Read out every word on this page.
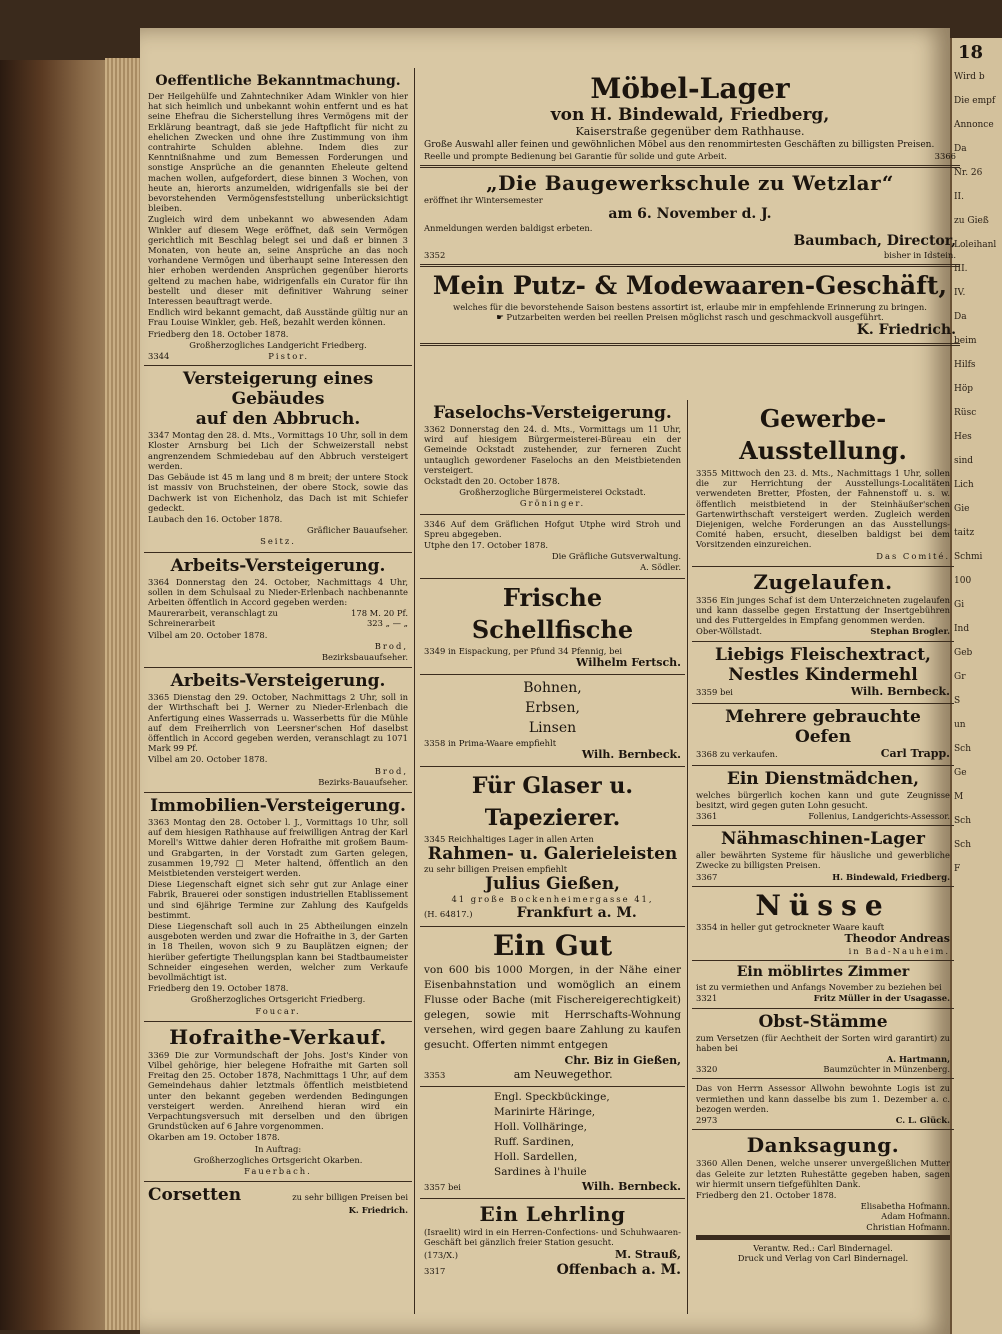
18
Wird b

Die empf

Annonce

Da

Nr. 26

II.

zu Gieß

Loleihanl

III.

IV.

Da

beim

Hilfs

Höp

Rüsc

Hes

sind

Lich

Gie

taitz

Schmi

100

Gi

Ind

Geb

Gr

S

un

Sch

Ge

M

Sch

Sch

F
Oeffentliche Bekanntmachung.
Der Heilgehülfe und Zahntechniker Adam Winkler von hier hat sich heimlich und unbekannt wohin entfernt und es hat seine Ehefrau die Sicherstellung ihres Vermögens mit der Erklärung beantragt, daß sie jede Haftpflicht für nicht zu ehelichen Zwecken und ohne ihre Zustimmung von ihm contrahirte Schulden ablehne. Indem dies zur Kenntnißnahme und zum Bemessen Forderungen und sonstige Ansprüche an die genannten Eheleute geltend machen wollen, aufgefordert, diese binnen 3 Wochen, von heute an, hierorts anzumelden, widrigenfalls sie bei der bevorstehenden Vermögensfeststellung unberücksichtigt bleiben.
Zugleich wird dem unbekannt wo abwesenden Adam Winkler auf diesem Wege eröffnet, daß sein Vermögen gerichtlich mit Beschlag belegt sei und daß er binnen 3 Monaten, von heute an, seine Ansprüche an das noch vorhandene Vermögen und überhaupt seine Interessen den hier erhoben werdenden Ansprüchen gegenüber hierorts geltend zu machen habe, widrigenfalls ein Curator für ihn bestellt und dieser mit definitiver Wahrung seiner Interessen beauftragt werde.
Endlich wird bekannt gemacht, daß Ausstände gültig nur an Frau Louise Winkler, geb. Heß, bezahlt werden können.
Friedberg den 18. October 1878.
Großherzogliches Landgericht Friedberg.
3344	Pistor.
Versteigerung eines Gebäudes
auf den Abbruch.
3347 Montag den 28. d. Mts., Vormittags 10 Uhr, soll in dem Kloster Arnsburg bei Lich der Schweizerstall nebst angrenzendem Schmiedebau auf den Abbruch versteigert werden.
Das Gebäude ist 45 m lang und 8 m breit; der untere Stock ist massiv von Bruchsteinen, der obere Stock, sowie das Dachwerk ist von Eichenholz, das Dach ist mit Schiefer gedeckt.
Laubach den 16. October 1878.
Gräflicher Bauaufseher.
Seitz.
Arbeits-Versteigerung.
3364 Donnerstag den 24. October, Nachmittags 4 Uhr, sollen in dem Schulsaal zu Nieder-Erlenbach nachbenannte Arbeiten öffentlich in Accord gegeben werden:
Maurerarbeit, veranschlagt zu	178 M. 20 Pf.
Schreinerarbeit	323 „ — „
Vilbel am 20. October 1878.
Brod,
Bezirksbauaufseher.
Arbeits-Versteigerung.
3365 Dienstag den 29. October, Nachmittags 2 Uhr, soll in der Wirthschaft bei J. Werner zu Nieder-Erlenbach die Anfertigung eines Wasserrads u. Wasserbetts für die Mühle auf dem Freiherrlich von Leersner'schen Hof daselbst öffentlich in Accord gegeben werden, veranschlagt zu 1071 Mark 99 Pf.
Vilbel am 20. October 1878.
Brod,
Bezirks-Bauaufseher.
Immobilien-Versteigerung.
3363 Montag den 28. October l. J., Vormittags 10 Uhr, soll auf dem hiesigen Rathhause auf freiwilligen Antrag der Karl Morell's Wittwe dahier deren Hofraithe mit großem Baum- und Grabgarten, in der Vorstadt zum Garten gelegen, zusammen 19,792 □ Meter haltend, öffentlich an den Meistbietenden versteigert werden.
Diese Liegenschaft eignet sich sehr gut zur Anlage einer Fabrik, Brauerei oder sonstigen industriellen Etablissement und sind 6jährige Termine zur Zahlung des Kaufgelds bestimmt.
Diese Liegenschaft soll auch in 25 Abtheilungen einzeln ausgeboten werden und zwar die Hofraithe in 3, der Garten in 18 Theilen, wovon sich 9 zu Bauplätzen eignen; der hierüber gefertigte Theilungsplan kann bei Stadtbaumeister Schneider eingesehen werden, welcher zum Verkaufe bevollmächtigt ist.
Friedberg den 19. October 1878.
Großherzogliches Ortsgericht Friedberg.
Foucar.
Hofraithe-Verkauf.
3369 Die zur Vormundschaft der Johs. Jost's Kinder von Vilbel gehörige, hier belegene Hofraithe mit Garten soll Freitag den 25. October 1878, Nachmittags 1 Uhr, auf dem Gemeindehaus dahier letztmals öffentlich meistbietend unter den bekannt gegeben werdenden Bedingungen versteigert werden. Anreihend hieran wird ein Verpachtungsversuch mit derselben und den übrigen Grundstücken auf 6 Jahre vorgenommen.
Okarben am 19. October 1878.
In Auftrag:
Großherzogliches Ortsgericht Okarben.
Fauerbach.
Corsetten	zu sehr billigen Preisen bei
K. Friedrich.
Möbel-Lager
von H. Bindewald, Friedberg,
Kaiserstraße gegenüber dem Rathhause.
Große Auswahl aller feinen und gewöhnlichen Möbel aus den renommirtesten Geschäften zu billigsten Preisen.
Reelle und prompte Bedienung bei Garantie für solide und gute Arbeit.	3366
„Die Baugewerkschule zu Wetzlar“
eröffnet ihr Wintersemester
am 6. November d. J.
Anmeldungen werden baldigst erbeten.
Baumbach, Director,
3352	bisher in Idstein.
Mein Putz- & Modewaaren-Geschäft,
welches für die bevorstehende Saison bestens assortirt ist, erlaube mir in empfehlende Erinnerung zu bringen.
☛ Putzarbeiten werden bei reellen Preisen möglichst rasch und geschmackvoll ausgeführt.
K. Friedrich.
Faselochs-Versteigerung.
3362 Donnerstag den 24. d. Mts., Vormittags um 11 Uhr, wird auf hiesigem Bürgermeisterei-Büreau ein der Gemeinde Ockstadt zustehender, zur ferneren Zucht untauglich gewordener Faselochs an den Meistbietenden versteigert.
Ockstadt den 20. October 1878.
Großherzogliche Bürgermeisterei Ockstadt.
Gröninger.
3346 Auf dem Gräflichen Hofgut Utphe wird Stroh und Spreu abgegeben.
Utphe den 17. October 1878.
Die Gräfliche Gutsverwaltung.
A. Södler.
Frische Schellfische
3349 in Eispackung, per Pfund 34 Pfennig, bei
Wilhelm Fertsch.
Bohnen,
Erbsen,
Linsen
3358 in Prima-Waare empfiehlt
Wilh. Bernbeck.
Für Glaser u. Tapezierer.
3345 Reichhaltiges Lager in allen Arten
Rahmen- u. Galerieleisten
zu sehr billigen Preisen empfiehlt
Julius Gießen,
41 große Bockenheimergasse 41,
(H. 64817.)	Frankfurt a. M.
Ein Gut
von 600 bis 1000 Morgen, in der Nähe einer Eisenbahnstation und womöglich an einem Flusse oder Bache (mit Fischereigerechtigkeit) gelegen, sowie mit Herrschafts-Wohnung versehen, wird gegen baare Zahlung zu kaufen gesucht. Offerten nimmt entgegen
Chr. Biz in Gießen,
3353	am Neuwegethor.
Engl. Speckbückinge,
Marinirte Häringe,
Holl. Vollhäringe,
Ruff. Sardinen,
Holl. Sardellen,
Sardines à l'huile
3357 bei	Wilh. Bernbeck.
Ein Lehrling
(Israelit) wird in ein Herren-Confections- und Schuhwaaren-Geschäft bei gänzlich freier Station gesucht.
(173/X.)	M. Strauß,
3317	Offenbach a. M.
Gewerbe-Ausstellung.
3355 Mittwoch den 23. d. Mts., Nachmittags 1 Uhr, sollen die zur Herrichtung der Ausstellungs-Localitäten verwendeten Bretter, Pfosten, der Fahnenstoff u. s. w. öffentlich meistbietend in der Steinhäußer'schen Gartenwirthschaft versteigert werden. Zugleich werden Diejenigen, welche Forderungen an das Ausstellungs-Comité haben, ersucht, dieselben baldigst bei dem Vorsitzenden einzureichen.
Das Comité.
Zugelaufen.
3356 Ein junges Schaf ist dem Unterzeichneten zugelaufen und kann dasselbe gegen Erstattung der Insertgebühren und des Futtergeldes in Empfang genommen werden.
Ober-Wöllstadt.	Stephan Brogler.
Liebigs Fleischextract,
Nestles Kindermehl
3359 bei	Wilh. Bernbeck.
Mehrere gebrauchte Oefen
3368 zu verkaufen.	Carl Trapp.
Ein Dienstmädchen,
welches bürgerlich kochen kann und gute Zeugnisse besitzt, wird gegen guten Lohn gesucht.
3361	Follenius, Landgerichts-Assessor.
Nähmaschinen-Lager
aller bewährten Systeme für häusliche und gewerbliche Zwecke zu billigsten Preisen.
3367	H. Bindewald, Friedberg.
Nüsse
3354 in heller gut getrockneter Waare kauft
Theodor Andreas
in Bad-Nauheim.
Ein möblirtes Zimmer
ist zu vermiethen und Anfangs November zu beziehen bei
3321	Fritz Müller in der Usagasse.
Obst-Stämme
zum Versetzen (für Aechtheit der Sorten wird garantirt) zu haben bei
A. Hartmann,
3320	Baumzüchter in Münzenberg.
Das von Herrn Assessor Allwohn bewohnte Logis ist zu vermiethen und kann dasselbe bis zum 1. Dezember a. c. bezogen werden.
2973	C. L. Glück.
Danksagung.
3360 Allen Denen, welche unserer unvergeßlichen Mutter das Geleite zur letzten Ruhestätte gegeben haben, sagen wir hiermit unsern tiefgefühlten Dank.
Friedberg den 21. October 1878.
Elisabetha Hofmann.
Adam Hofmann.
Christian Hofmann.
Verantw. Red.: Carl Bindernagel.
Druck und Verlag von Carl Bindernagel.
